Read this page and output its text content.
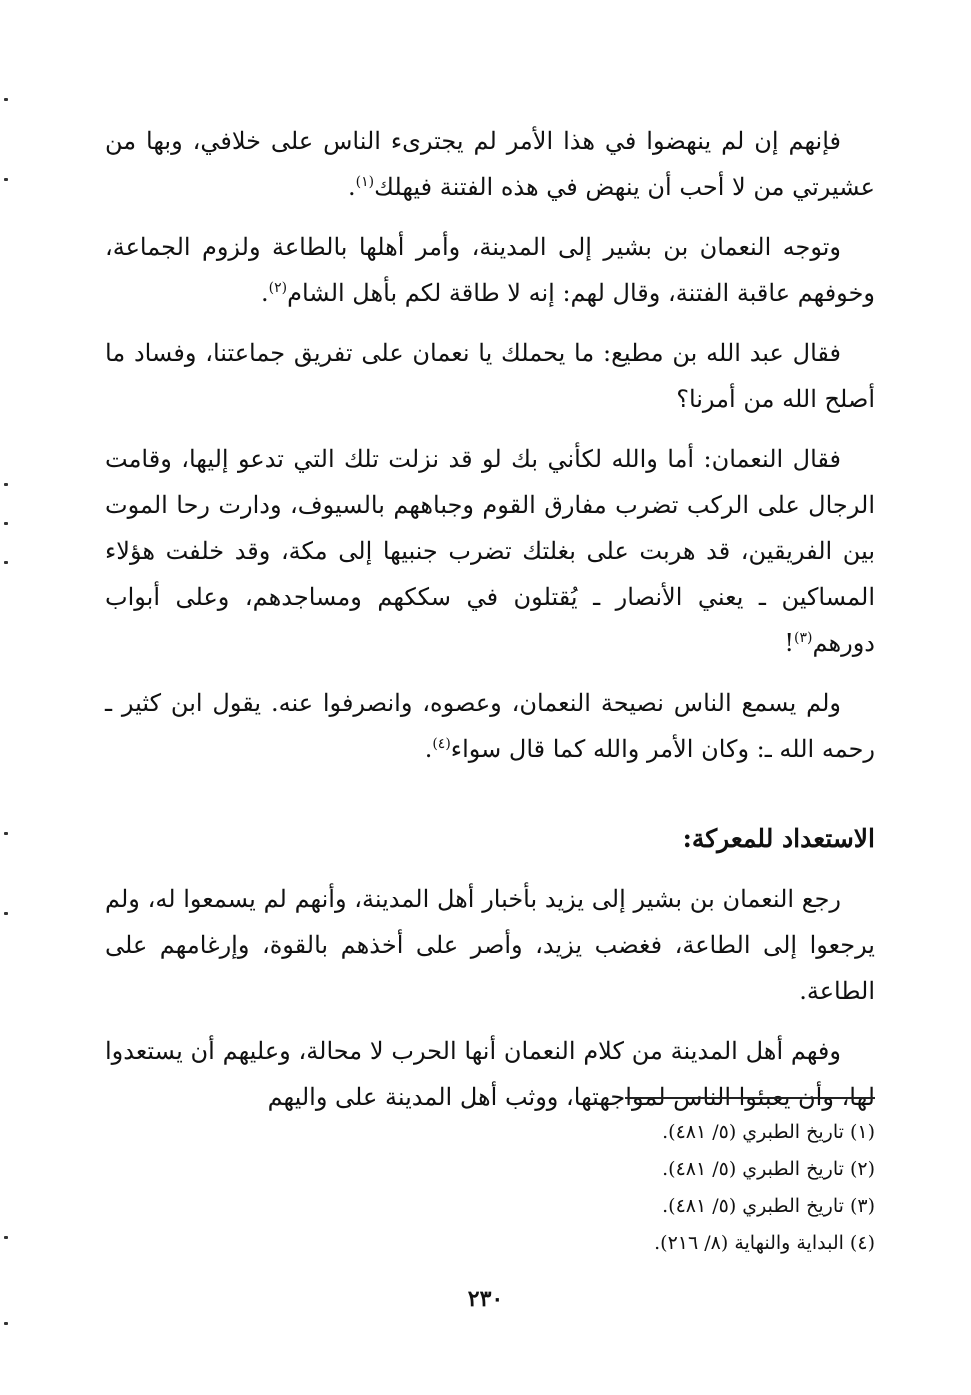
فإنهم إن لم ينهضوا في هذا الأمر لم يجترىء الناس على خلافي، وبها من عشيرتي من لا أحب أن ينهض في هذه الفتنة فيهلك$^{(١)}$.

وتوجه النعمان بن بشير إلى المدينة، وأمر أهلها بالطاعة ولزوم الجماعة، وخوفهم عاقبة الفتنة، وقال لهم: إنه لا طاقة لكم بأهل الشام$^{(٢)}$.

فقال عبد الله بن مطيع: ما يحملك يا نعمان على تفريق جماعتنا، وفساد ما أصلح الله من أمرنا؟

فقال النعمان: أما والله لكأني بك لو قد نزلت تلك التي تدعو إليها، وقامت الرجال على الركب تضرب مفارق القوم وجباههم بالسيوف، ودارت رحا الموت بين الفريقين، قد هربت على بغلتك تضرب جنبيها إلى مكة، وقد خلفت هؤلاء المساكين ـ يعني الأنصار ـ يُقتلون في سككهم ومساجدهم، وعلى أبواب دورهم$^{(٣)}$!

ولم يسمع الناس نصيحة النعمان، وعصوه، وانصرفوا عنه. يقول ابن كثير ـ رحمه الله ـ: وكان الأمر والله كما قال سواء$^{(٤)}$.

الاستعداد للمعركة:

رجع النعمان بن بشير إلى يزيد بأخبار أهل المدينة، وأنهم لم يسمعوا له، ولم يرجعوا إلى الطاعة، فغضب يزيد، وأصر على أخذهم بالقوة، وإرغامهم على الطاعة.

وفهم أهل المدينة من كلام النعمان أنها الحرب لا محالة، وعليهم أن يستعدوا لها، وأن يعبئوا الناس لمواجهتها، ووثب أهل المدينة على واليهم

(١) تاريخ الطبري (٥/ ٤٨١).

(٢) تاريخ الطبري (٥/ ٤٨١).

(٣) تاريخ الطبري (٥/ ٤٨١).

(٤) البداية والنهاية (٨/ ٢١٦).

٢٣٠
